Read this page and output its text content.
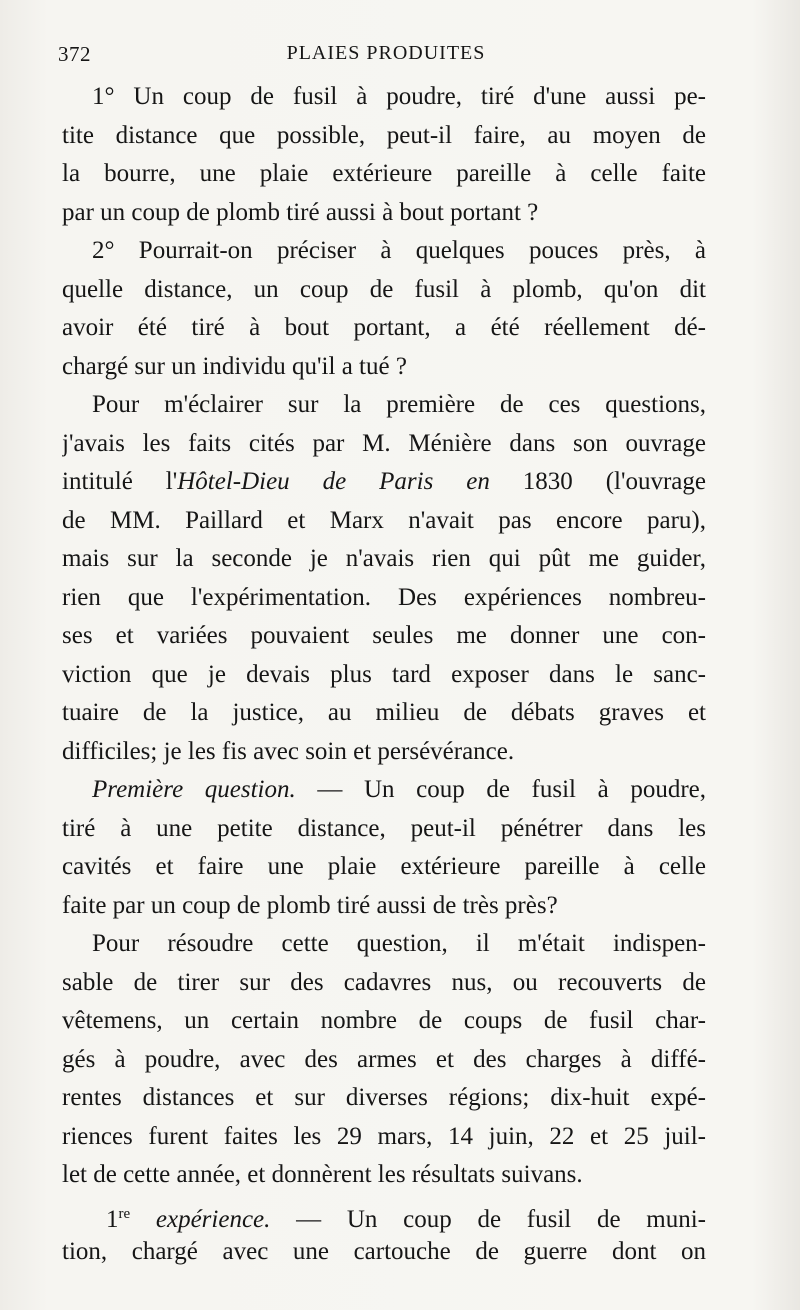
372	PLAIES PRODUITES
1° Un coup de fusil à poudre, tiré d'une aussi pe-
tite distance que possible, peut-il faire, au moyen de
la bourre, une plaie extérieure pareille à celle faite
par un coup de plomb tiré aussi à bout portant ?
2° Pourrait-on préciser à quelques pouces près, à
quelle distance, un coup de fusil à plomb, qu'on dit
avoir été tiré à bout portant, a été réellement dé-
chargé sur un individu qu'il a tué ?
Pour m'éclairer sur la première de ces questions,
j'avais les faits cités par M. Ménière dans son ouvrage
intitulé l'Hôtel-Dieu de Paris en 1830 (l'ouvrage
de MM. Paillard et Marx n'avait pas encore paru),
mais sur la seconde je n'avais rien qui pût me guider,
rien que l'expérimentation. Des expériences nombreu-
ses et variées pouvaient seules me donner une con-
viction que je devais plus tard exposer dans le sanc-
tuaire de la justice, au milieu de débats graves et
difficiles; je les fis avec soin et persévérance.
Première question. — Un coup de fusil à poudre,
tiré à une petite distance, peut-il pénétrer dans les
cavités et faire une plaie extérieure pareille à celle
faite par un coup de plomb tiré aussi de très près?
Pour résoudre cette question, il m'était indispen-
sable de tirer sur des cadavres nus, ou recouverts de
vêtemens, un certain nombre de coups de fusil char-
gés à poudre, avec des armes et des charges à diffé-
rentes distances et sur diverses régions; dix-huit expé-
riences furent faites les 29 mars, 14 juin, 22 et 25 juil-
let de cette année, et donnèrent les résultats suivans.
1re expérience. — Un coup de fusil de muni-
tion, chargé avec une cartouche de guerre dont on
